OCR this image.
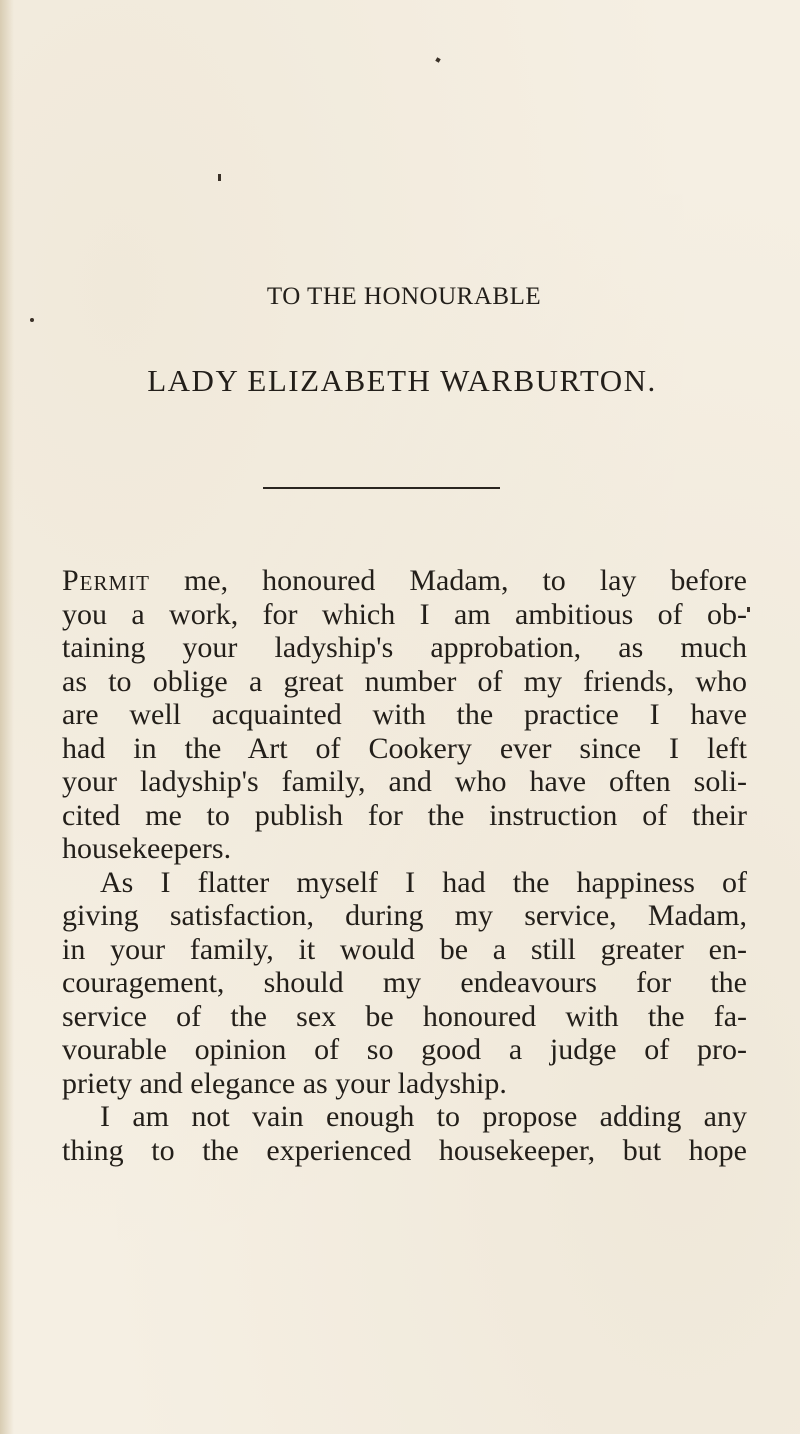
TO THE HONOURABLE
LADY ELIZABETH WARBURTON.
Permit me, honoured Madam, to lay before
you a work, for which I am ambitious of ob-
taining your ladyship's approbation, as much
as to oblige a great number of my friends, who
are well acquainted with the practice I have
had in the Art of Cookery ever since I left
your ladyship's family, and who have often soli-
cited me to publish for the instruction of their
housekeepers.
As I flatter myself I had the happiness of
giving satisfaction, during my service, Madam,
in your family, it would be a still greater en-
couragement, should my endeavours for the
service of the sex be honoured with the fa-
vourable opinion of so good a judge of pro-
priety and elegance as your ladyship.
I am not vain enough to propose adding any
thing to the experienced housekeeper, but hope
